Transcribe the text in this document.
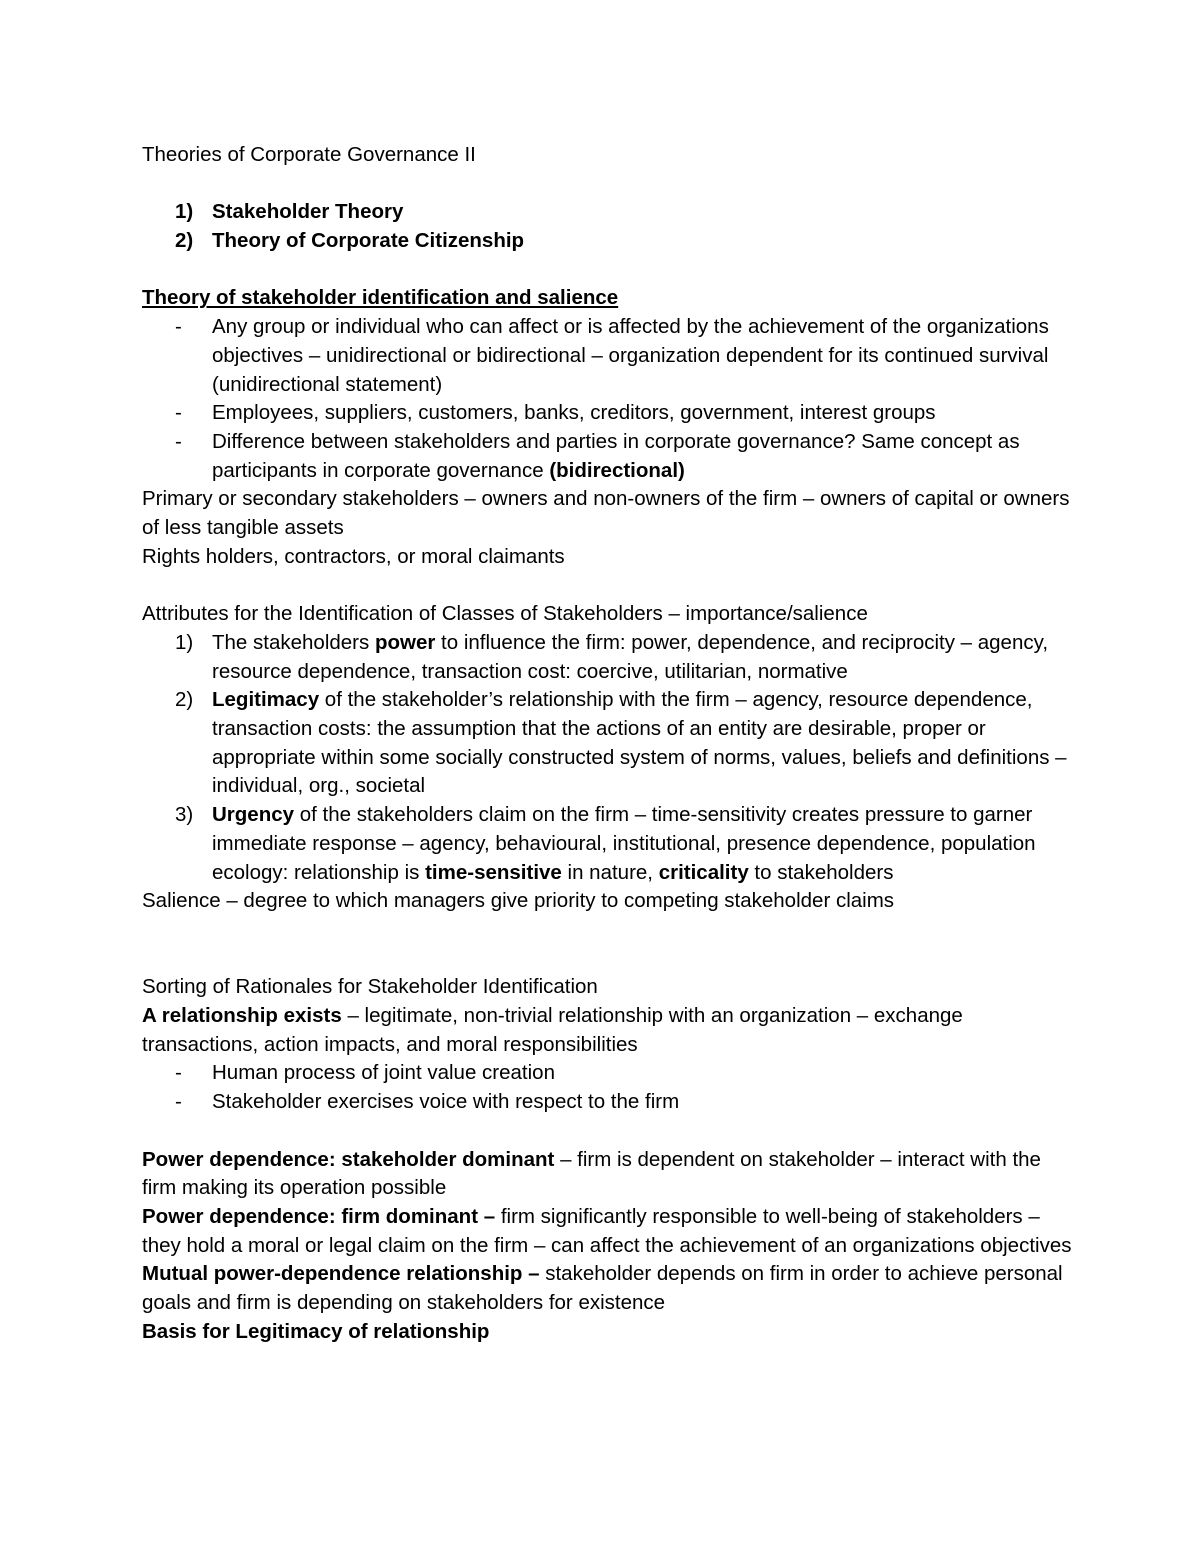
Theories of Corporate Governance II

1) Stakeholder Theory
2) Theory of Corporate Citizenship

Theory of stakeholder identification and salience

- Any group or individual who can affect or is affected by the achievement of the organizations objectives – unidirectional or bidirectional – organization dependent for its continued survival (unidirectional statement)
- Employees, suppliers, customers, banks, creditors, government, interest groups
- Difference between stakeholders and parties in corporate governance? Same concept as participants in corporate governance (bidirectional)

Primary or secondary stakeholders – owners and non-owners of the firm – owners of capital or owners of less tangible assets

Rights holders, contractors, or moral claimants

Attributes for the Identification of Classes of Stakeholders – importance/salience

1) The stakeholders power to influence the firm: power, dependence, and reciprocity – agency, resource dependence, transaction cost: coercive, utilitarian, normative
2) Legitimacy of the stakeholder’s relationship with the firm – agency, resource dependence, transaction costs: the assumption that the actions of an entity are desirable, proper or appropriate within some socially constructed system of norms, values, beliefs and definitions – individual, org., societal
3) Urgency of the stakeholders claim on the firm – time-sensitivity creates pressure to garner immediate response – agency, behavioural, institutional, presence dependence, population ecology: relationship is time-sensitive in nature, criticality to stakeholders

Salience – degree to which managers give priority to competing stakeholder claims

Sorting of Rationales for Stakeholder Identification

A relationship exists – legitimate, non-trivial relationship with an organization – exchange transactions, action impacts, and moral responsibilities

- Human process of joint value creation
- Stakeholder exercises voice with respect to the firm

Power dependence: stakeholder dominant – firm is dependent on stakeholder – interact with the firm making its operation possible

Power dependence: firm dominant – firm significantly responsible to well-being of stakeholders – they hold a moral or legal claim on the firm – can affect the achievement of an organizations objectives

Mutual power-dependence relationship – stakeholder depends on firm in order to achieve personal goals and firm is depending on stakeholders for existence

Basis for Legitimacy of relationship
